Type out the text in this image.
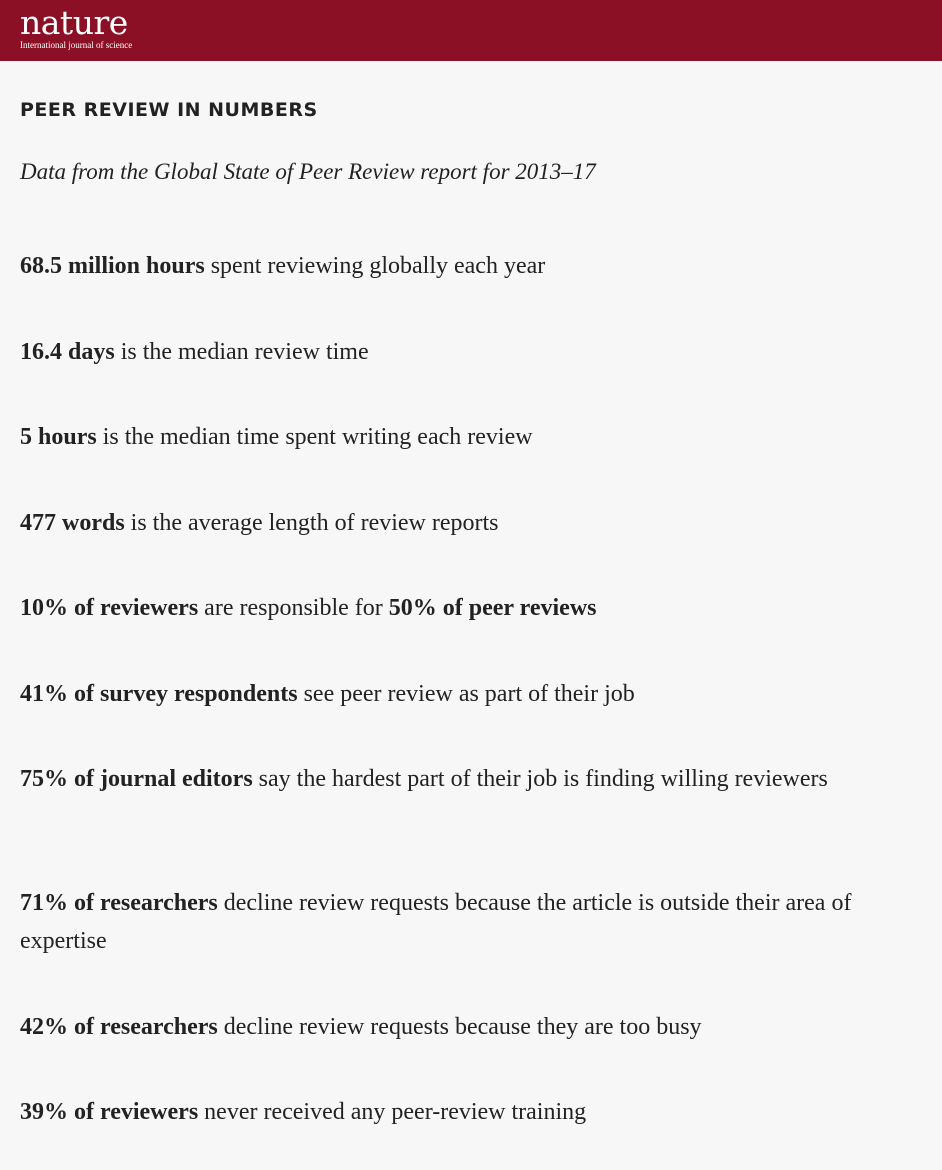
nature
International journal of science
PEER REVIEW IN NUMBERS

Data from the Global State of Peer Review report for 2013–17

68.5 million hours spent reviewing globally each year
16.4 days is the median review time
5 hours is the median time spent writing each review
477 words is the average length of review reports
10% of reviewers are responsible for 50% of peer reviews
41% of survey respondents see peer review as part of their job
75% of journal editors say the hardest part of their job is finding willing reviewers
71% of researchers decline review requests because the article is outside their area of expertise
42% of researchers decline review requests because they are too busy
39% of reviewers never received any peer-review training
